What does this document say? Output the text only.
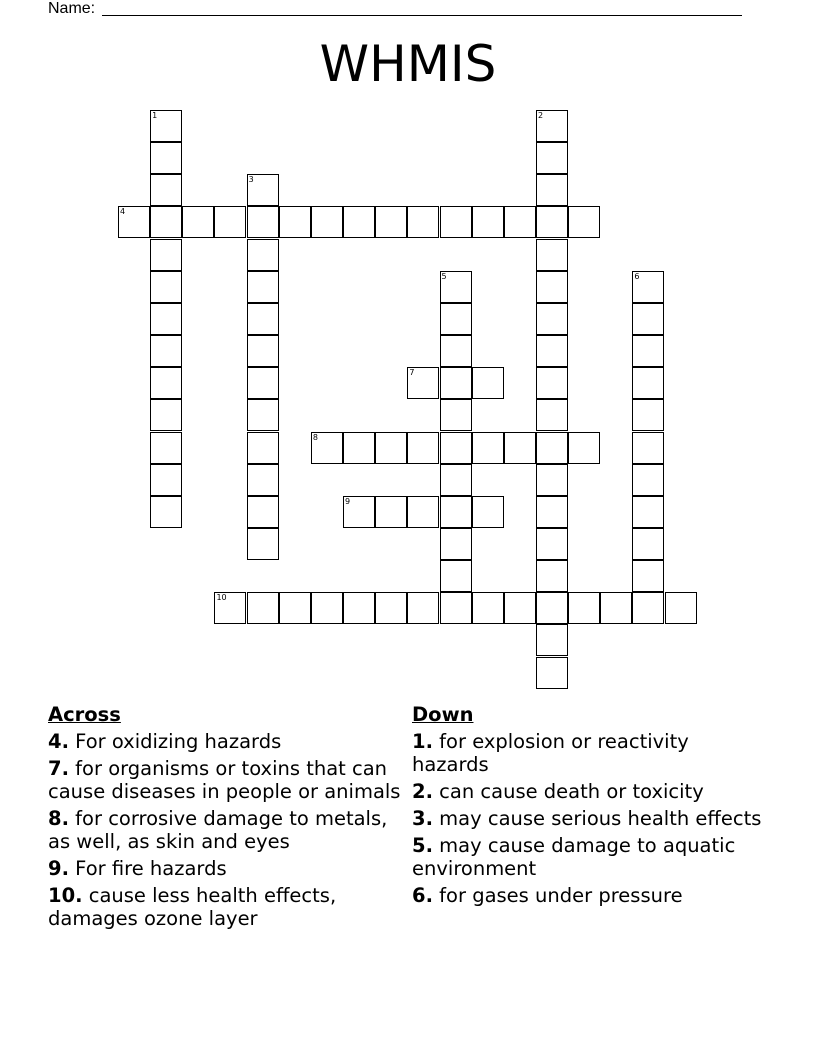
Name:
WHMIS
1	2
3
4
5	6
7
8
9
10
Across
4. For oxidizing hazards
7. for organisms or toxins that can cause diseases in people or animals
8. for corrosive damage to metals, as well, as skin and eyes
9. For fire hazards
10. cause less health effects, damages ozone layer
Down
1. for explosion or reactivity hazards
2. can cause death or toxicity
3. may cause serious health effects
5. may cause damage to aquatic environment
6. for gases under pressure
